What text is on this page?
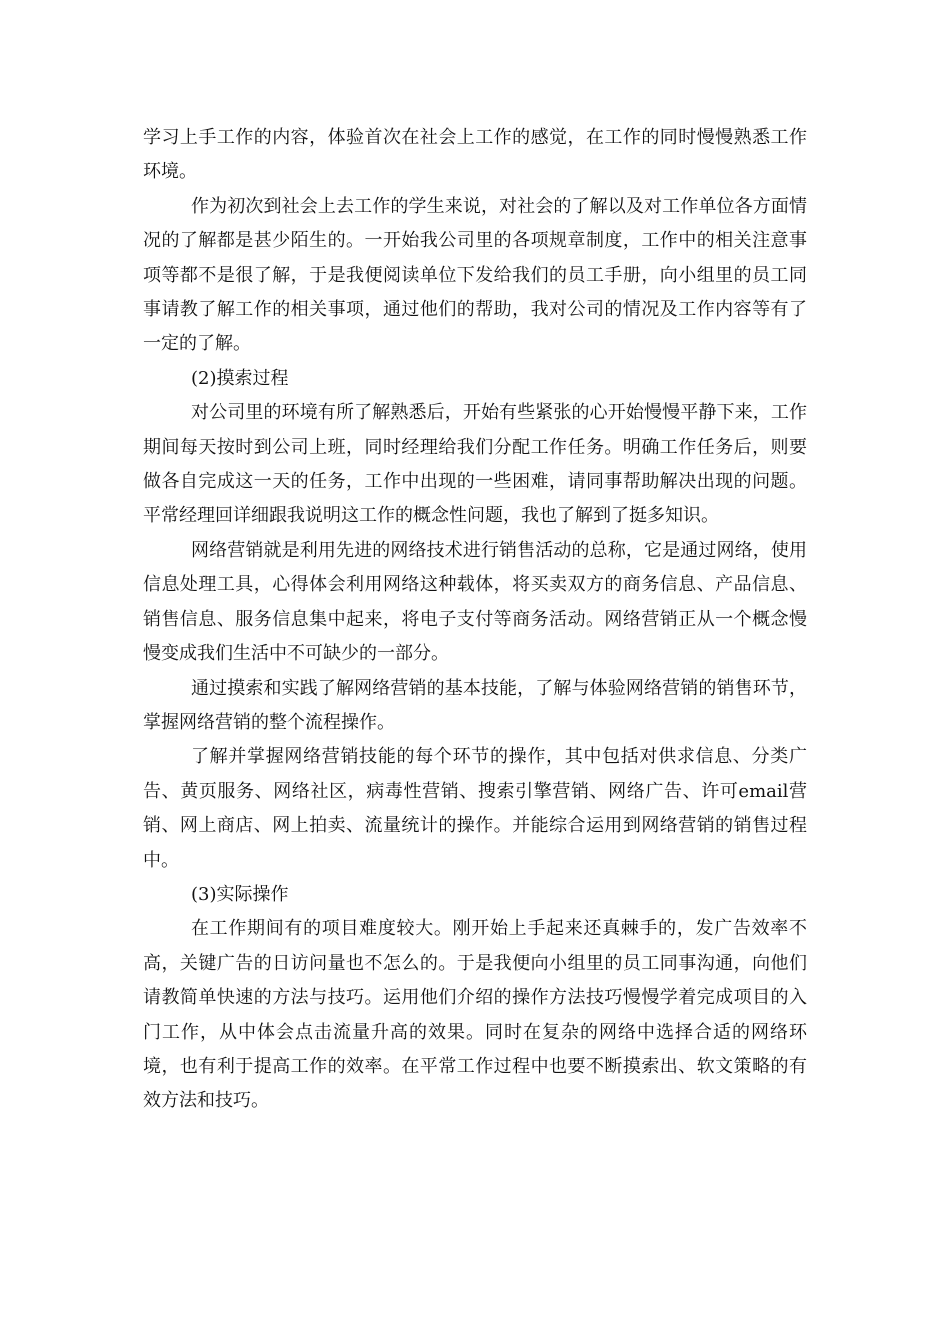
学习上手工作的内容，体验首次在社会上工作的感觉，在工作的同时慢慢熟悉工作环境。

作为初次到社会上去工作的学生来说，对社会的了解以及对工作单位各方面情况的了解都是甚少陌生的。一开始我公司里的各项规章制度，工作中的相关注意事项等都不是很了解，于是我便阅读单位下发给我们的员工手册，向小组里的员工同事请教了解工作的相关事项，通过他们的帮助，我对公司的情况及工作内容等有了一定的了解。

(2)摸索过程

对公司里的环境有所了解熟悉后，开始有些紧张的心开始慢慢平静下来，工作期间每天按时到公司上班，同时经理给我们分配工作任务。明确工作任务后，则要做各自完成这一天的任务，工作中出现的一些困难，请同事帮助解决出现的问题。平常经理回详细跟我说明这工作的概念性问题，我也了解到了挺多知识。

网络营销就是利用先进的网络技术进行销售活动的总称，它是通过网络，使用信息处理工具，心得体会利用网络这种载体，将买卖双方的商务信息、产品信息、销售信息、服务信息集中起来，将电子支付等商务活动。网络营销正从一个概念慢慢变成我们生活中不可缺少的一部分。

通过摸索和实践了解网络营销的基本技能，了解与体验网络营销的销售环节，掌握网络营销的整个流程操作。

了解并掌握网络营销技能的每个环节的操作，其中包括对供求信息、分类广告、黄页服务、网络社区，病毒性营销、搜索引擎营销、网络广告、许可email营销、网上商店、网上拍卖、流量统计的操作。并能综合运用到网络营销的销售过程中。

(3)实际操作

在工作期间有的项目难度较大。刚开始上手起来还真棘手的，发广告效率不高，关键广告的日访问量也不怎么的。于是我便向小组里的员工同事沟通，向他们请教简单快速的方法与技巧。运用他们介绍的操作方法技巧慢慢学着完成项目的入门工作，从中体会点击流量升高的效果。同时在复杂的网络中选择合适的网络环境，也有利于提高工作的效率。在平常工作过程中也要不断摸索出、软文策略的有效方法和技巧。
